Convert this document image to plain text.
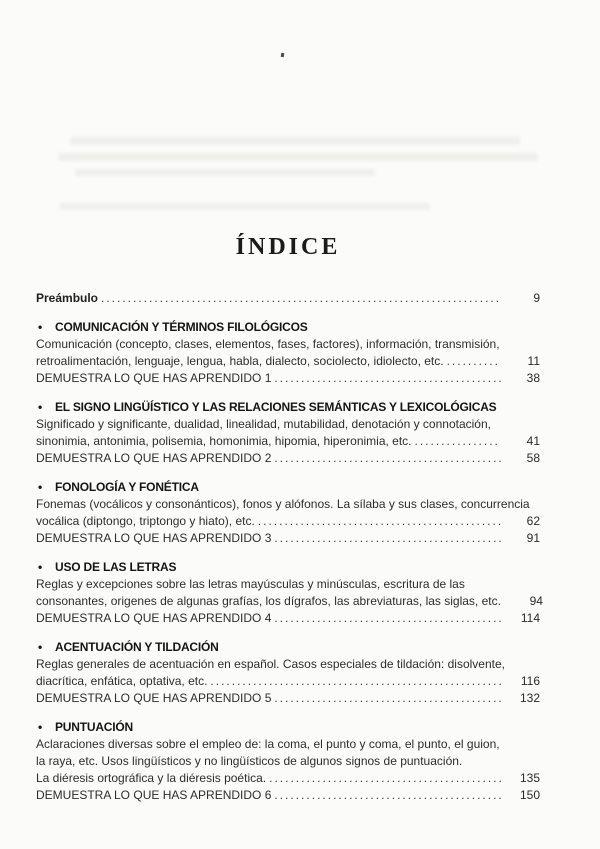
ÍNDICE
Preámbulo .....	9
•	COMUNICACIÓN Y TÉRMINOS FILOLÓGICOS

Comunicación (concepto, clases, elementos, fases, factores), información, transmisión,

retroalimentación, lenguaje, lengua, habla, dialecto, sociolecto, idiolecto, etc. .....	11
DEMUESTRA LO QUE HAS APRENDIDO 1 .....	38
•	EL SIGNO LINGÜÍSTICO Y LAS RELACIONES SEMÁNTICAS Y LEXICOLÓGICAS

Significado y significante, dualidad, linealidad, mutabilidad, denotación y connotación,

sinonimia, antonimia, polisemia, homonimia, hipomia, hiperonimia, etc. .....	41
DEMUESTRA LO QUE HAS APRENDIDO 2 .....	58
•	FONOLOGÍA Y FONÉTICA

Fonemas (vocálicos y consonánticos), fonos y alófonos. La sílaba y sus clases, concurrencia

vocálica (diptongo, triptongo y hiato), etc. .....	62
DEMUESTRA LO QUE HAS APRENDIDO 3 .....	91
•	USO DE LAS LETRAS

Reglas y excepciones sobre las letras mayúsculas y minúsculas, escritura de las

consonantes, origenes de algunas grafías, los dígrafos, las abreviaturas, las siglas, etc.	94
DEMUESTRA LO QUE HAS APRENDIDO 4 .....	114
•	ACENTUACIÓN Y TILDACIÓN

Reglas generales de acentuación en español. Casos especiales de tildación: disolvente,

diacrítica, enfática, optativa, etc. .....	116
DEMUESTRA LO QUE HAS APRENDIDO 5 .....	132
•	PUNTUACIÓN

Aclaraciones diversas sobre el empleo de: la coma, el punto y coma, el punto, el guion,

la raya, etc. Usos lingüísticos y no lingüísticos de algunos signos de puntuación.

La diéresis ortográfica y la diéresis poética. .....	135
DEMUESTRA LO QUE HAS APRENDIDO 6 .....	150
